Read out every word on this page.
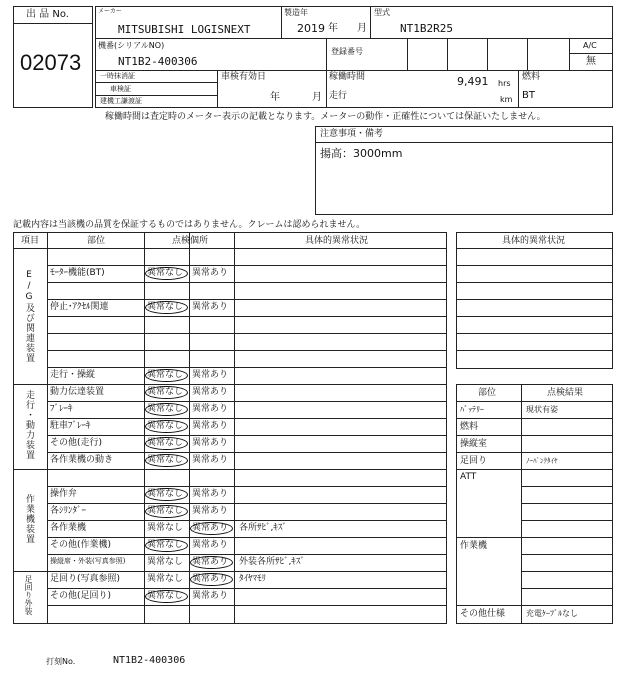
出 品 No.
02073
メーカー
MITSUBISHI LOGISNEXT
製造年
2019 年 月
型式
NT1B2R25
機番(シリアルNO)
NT1B2-400306
登録番号
A/C
無
一時抹消証
車検証
建機工謙渡証
車検有効日
年	月
稼働時間	9,491 hrs
走行	km
燃料
BT
稼働時間は査定時のメーター表示の記載となります。メーターの動作・正確性については保証いたしません。
注意事項・備考
揚高：3000mm
記載内容は当該機の品質を保証するものではありません。クレームは認められません。
項目	部位	点検個所	具体的異常状況
E/G及び関連装置
走行・動力装置
作業機装置
足回り外装
ﾓｰﾀｰ機能(BT)	異常なし 異常あり
停止･ｱｸｾﾙ関連	異常なし 異常あり
走行・操縦	異常なし 異常あり
動力伝達装置	異常なし 異常あり
ﾌﾞﾚｰｷ	異常なし 異常あり
駐車ﾌﾞﾚｰｷ	異常なし 異常あり
その他(走行)	異常なし 異常あり
各作業機の動き	異常なし 異常あり
操作弁	異常なし 異常あり
各ｼﾘﾝﾀﾞｰ	異常なし 異常あり
各作業機	異常なし 異常あり 各所ｻﾋﾞ,ｷｽﾞ
その他(作業機)	異常なし 異常あり
操縦席・外装(写真参照) 異常なし 異常あり 外装各所ｻﾋﾞ,ｷｽﾞ
足回り(写真参照)	異常なし 異常あり ﾀｲﾔﾏﾓﾘ
その他(足回り)	異常なし 異常あり
具体的異常状況
部位	点検結果
ﾊﾞｯﾃﾘｰ	現状有姿
燃料
操縦室
足回り	ﾉｰﾊﾟﾝｸﾀｲﾔ
ATT
作業機
その他仕様	充電ｹｰﾌﾞﾙなし
打刻No.	NT1B2-400306
